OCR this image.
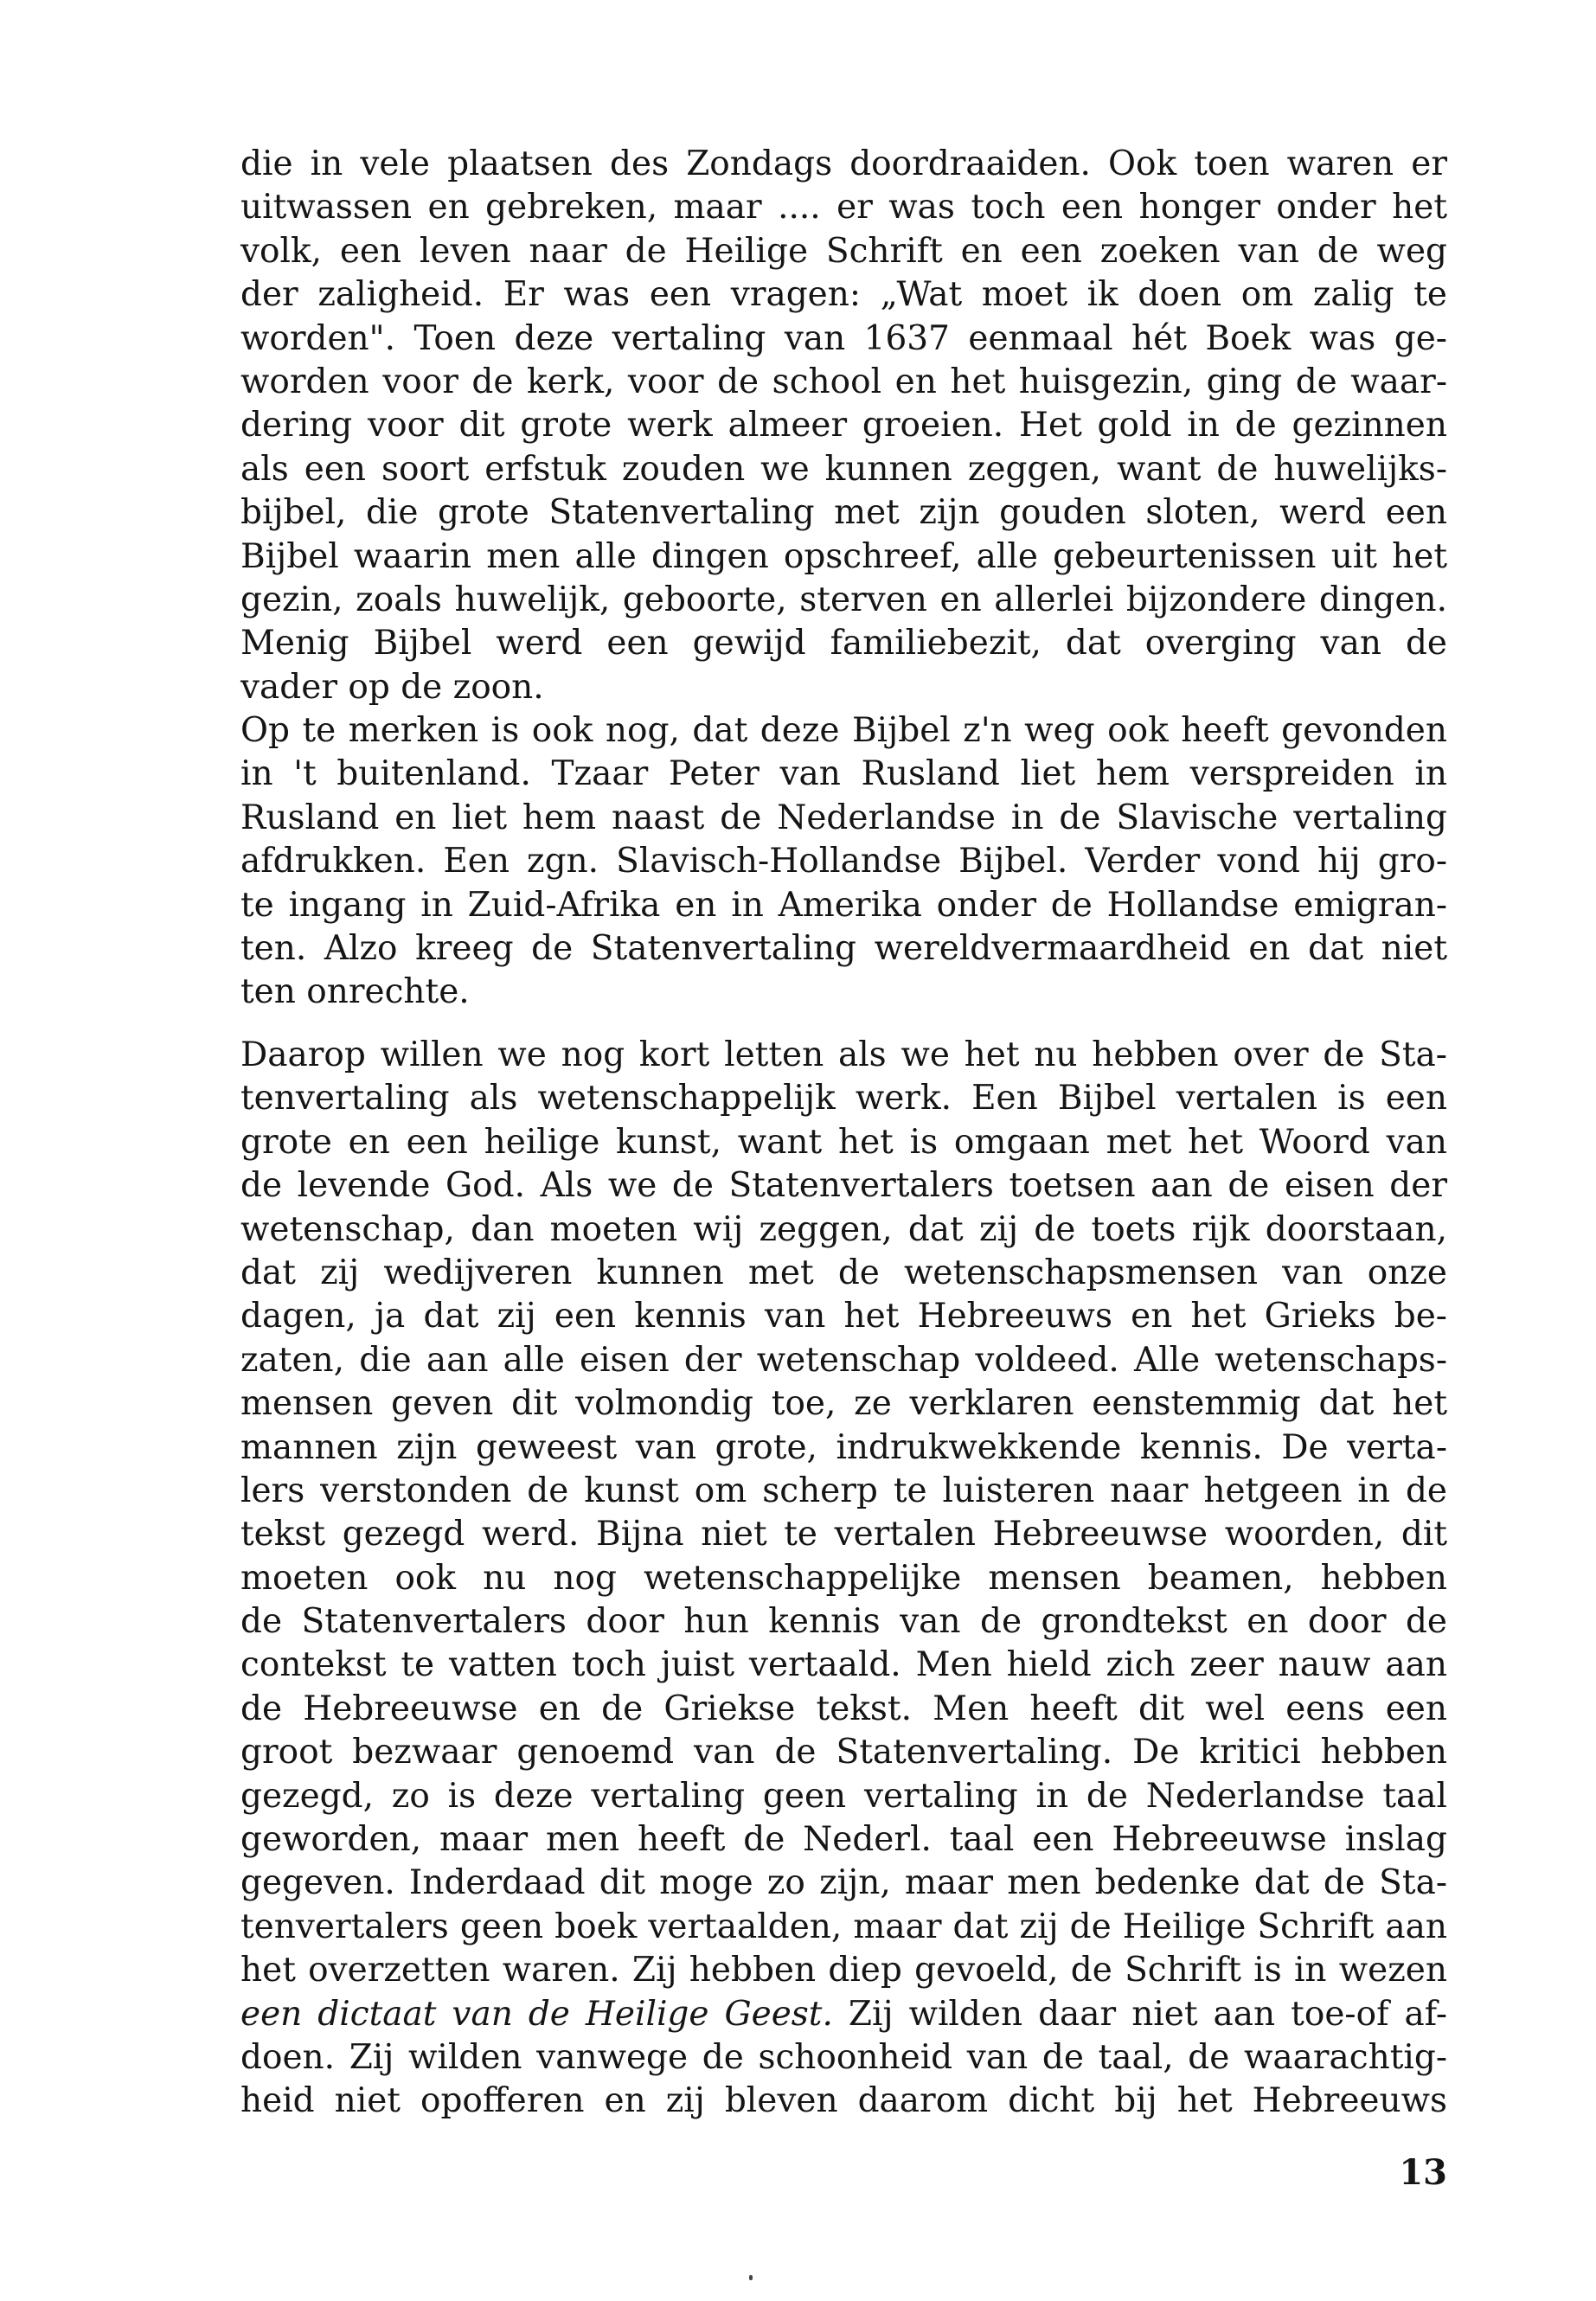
die in vele plaatsen des Zondags doordraaiden. Ook toen waren er
uitwassen en gebreken, maar .... er was toch een honger onder het
volk, een leven naar de Heilige Schrift en een zoeken van de weg
der zaligheid. Er was een vragen: „Wat moet ik doen om zalig te
worden". Toen deze vertaling van 1637 eenmaal hét Boek was ge-
worden voor de kerk, voor de school en het huisgezin, ging de waar-
dering voor dit grote werk almeer groeien. Het gold in de gezinnen
als een soort erfstuk zouden we kunnen zeggen, want de huwelijks-
bijbel, die grote Statenvertaling met zijn gouden sloten, werd een
Bijbel waarin men alle dingen opschreef, alle gebeurtenissen uit het
gezin, zoals huwelijk, geboorte, sterven en allerlei bijzondere dingen.
Menig Bijbel werd een gewijd familiebezit, dat overging van de
vader op de zoon.
Op te merken is ook nog, dat deze Bijbel z'n weg ook heeft gevonden
in 't buitenland. Tzaar Peter van Rusland liet hem verspreiden in
Rusland en liet hem naast de Nederlandse in de Slavische vertaling
afdrukken. Een zgn. Slavisch-Hollandse Bijbel. Verder vond hij gro-
te ingang in Zuid-Afrika en in Amerika onder de Hollandse emigran-
ten. Alzo kreeg de Statenvertaling wereldvermaardheid en dat niet
ten onrechte.
Daarop willen we nog kort letten als we het nu hebben over de Sta-
tenvertaling als wetenschappelijk werk. Een Bijbel vertalen is een
grote en een heilige kunst, want het is omgaan met het Woord van
de levende God. Als we de Statenvertalers toetsen aan de eisen der
wetenschap, dan moeten wij zeggen, dat zij de toets rijk doorstaan,
dat zij wedijveren kunnen met de wetenschapsmensen van onze
dagen, ja dat zij een kennis van het Hebreeuws en het Grieks be-
zaten, die aan alle eisen der wetenschap voldeed. Alle wetenschaps-
mensen geven dit volmondig toe, ze verklaren eenstemmig dat het
mannen zijn geweest van grote, indrukwekkende kennis. De verta-
lers verstonden de kunst om scherp te luisteren naar hetgeen in de
tekst gezegd werd. Bijna niet te vertalen Hebreeuwse woorden, dit
moeten ook nu nog wetenschappelijke mensen beamen, hebben
de Statenvertalers door hun kennis van de grondtekst en door de
contekst te vatten toch juist vertaald. Men hield zich zeer nauw aan
de Hebreeuwse en de Griekse tekst. Men heeft dit wel eens een
groot bezwaar genoemd van de Statenvertaling. De kritici hebben
gezegd, zo is deze vertaling geen vertaling in de Nederlandse taal
geworden, maar men heeft de Nederl. taal een Hebreeuwse inslag
gegeven. Inderdaad dit moge zo zijn, maar men bedenke dat de Sta-
tenvertalers geen boek vertaalden, maar dat zij de Heilige Schrift aan
het overzetten waren. Zij hebben diep gevoeld, de Schrift is in wezen
een dictaat van de Heilige Geest. Zij wilden daar niet aan toe-of af-
doen. Zij wilden vanwege de schoonheid van de taal, de waarachtig-
heid niet opofferen en zij bleven daarom dicht bij het Hebreeuws
13
